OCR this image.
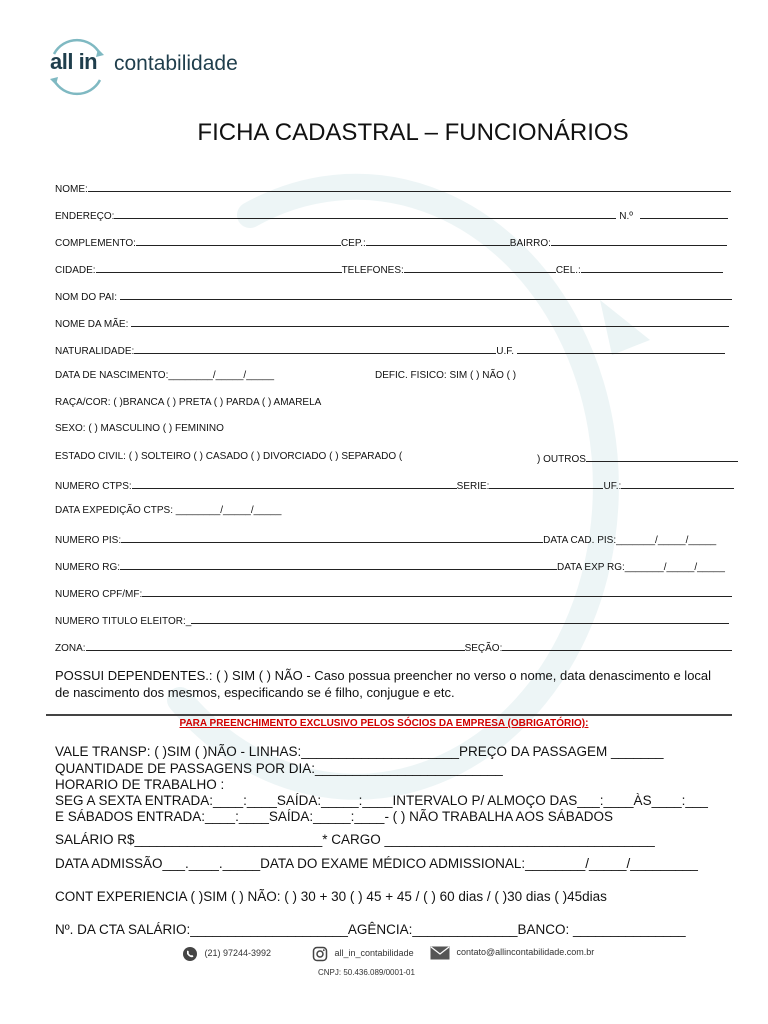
all in contabilidade
FICHA CADASTRAL – FUNCIONÁRIOS
NOME:
ENDEREÇO:	N.º
COMPLEMENTO:	CEP.:	BAIRRO:
CIDADE:	TELEFONES:	CEL.:
NOM DO PAI:
NOME DA MÃE:
NATURALIDADE:	U.F.
DATA DE NASCIMENTO:________/_____/_____	DEFIC. FISICO: SIM ( ) NÃO ( )
RAÇA/COR: ( )BRANCA ( ) PRETA ( ) PARDA ( ) AMARELA
SEXO: ( ) MASCULINO ( ) FEMININO
ESTADO CIVIL: ( ) SOLTEIRO ( ) CASADO ( ) DIVORCIADO ( ) SEPARADO (	) OUTROS
NUMERO CTPS:	SERIE:	UF.:
DATA EXPEDIÇÃO CTPS: ________/_____/_____
NUMERO PIS:	DATA CAD. PIS:_______/_____/_____
NUMERO RG:	DATA EXP RG:_______/_____/_____
NUMERO CPF/MF:
NUMERO TITULO ELEITOR:_
ZONA:	SEÇÃO:
POSSUI DEPENDENTES.: ( ) SIM ( ) NÃO - Caso possua preencher no verso o nome, data denascimento e local de nascimento dos mesmos, especificando se é filho, conjugue e etc.
PARA PREENCHIMENTO EXCLUSIVO PELOS SÓCIOS DA EMPRESA (OBRIGATÓRIO):
VALE TRANSP: ( )SIM ( )NÃO - LINHAS:_____________________PREÇO DA PASSAGEM _______
QUANTIDADE DE PASSAGENS POR DIA:_________________________
HORARIO DE TRABALHO :
SEG A SEXTA ENTRADA:____:____SAÍDA:_____:____INTERVALO P/ ALMOÇO DAS___:____ÀS____:___
E SÁBADOS ENTRADA:____:____SAÍDA:_____:____- ( ) NÃO TRABALHA AOS SÁBADOS
SALÁRIO R$_________________________* CARGO ____________________________________
DATA ADMISSÃO___.____._____DATA DO EXAME MÉDICO ADMISSIONAL:________/_____/_________
CONT EXPERIENCIA ( )SIM ( ) NÃO: ( ) 30 + 30 ( ) 45 + 45 / ( ) 60 dias / ( )30 dias ( )45dias
Nº. DA CTA SALÁRIO:_____________________AGÊNCIA:______________BANCO: _______________
(21) 97244-3992	all_in_contabilidade	contato@allincontabilidade.com.br
CNPJ: 50.436.089/0001-01
